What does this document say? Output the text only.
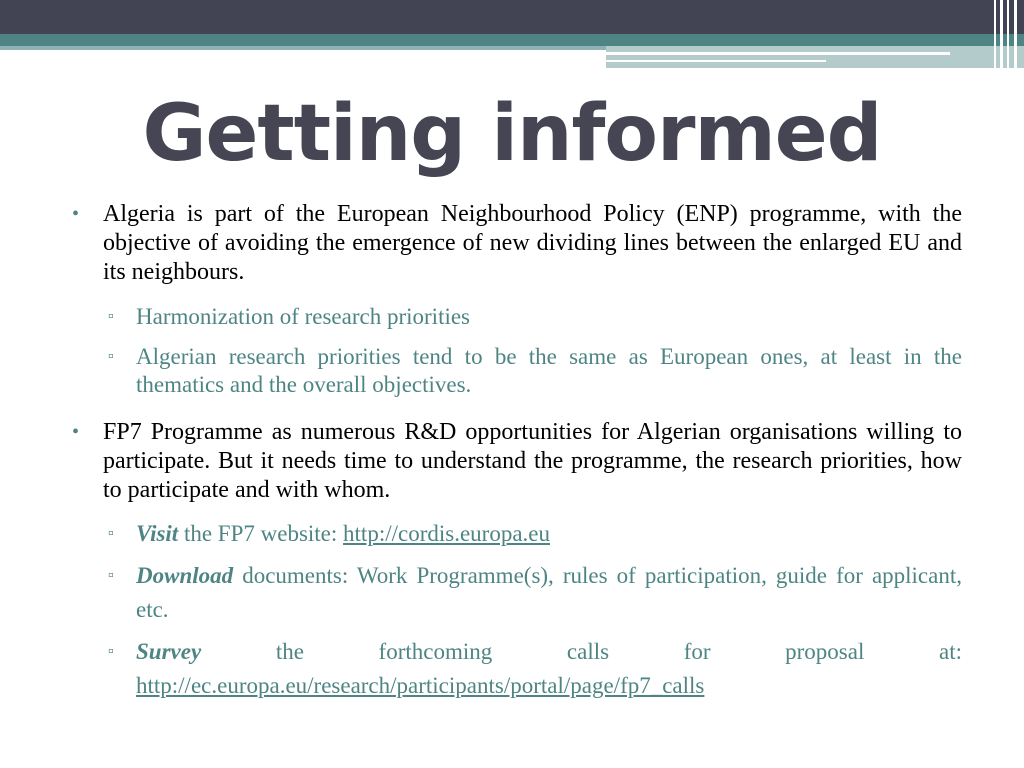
Getting informed
• Algeria is part of the European Neighbourhood Policy (ENP) programme, with the objective of avoiding the emergence of new dividing lines between the enlarged EU and its neighbours.
▫ Harmonization of research priorities
▫ Algerian research priorities tend to be the same as European ones, at least in the thematics and the overall objectives.
• FP7 Programme as numerous R&D opportunities for Algerian organisations willing to participate. But it needs time to understand the programme, the research priorities, how to participate and with whom.
▫ Visit the FP7 website: http://cordis.europa.eu
▫ Download documents: Work Programme(s), rules of participation, guide for applicant, etc.
▫ Survey the forthcoming calls for proposal at: http://ec.europa.eu/research/participants/portal/page/fp7_calls
